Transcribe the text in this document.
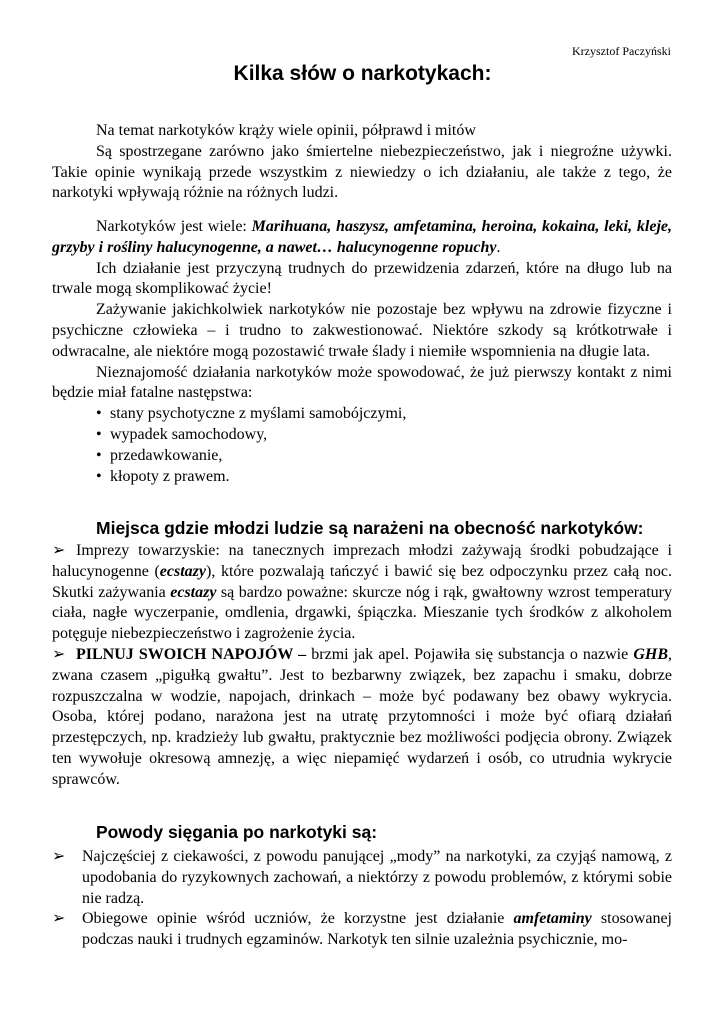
Krzysztof Paczyński
Kilka słów o narkotykach:

Na temat narkotyków krąży wiele opinii, półprawd i mitów

Są spostrzegane zarówno jako śmiertelne niebezpieczeństwo, jak i niegroźne używki. Takie opinie wynikają przede wszystkim z niewiedzy o ich działaniu, ale także z tego, że narkotyki wpływają różnie na różnych ludzi.

Narkotyków jest wiele: Marihuana, haszysz, amfetamina, heroina, kokaina, leki, kleje, grzyby i rośliny halucynogenne, a nawet… halucynogenne ropuchy.

Ich działanie jest przyczyną trudnych do przewidzenia zdarzeń, które na długo lub na trwale mogą skomplikować życie!

Zażywanie jakichkolwiek narkotyków nie pozostaje bez wpływu na zdrowie fizyczne i psychiczne człowieka – i trudno to zakwestionować. Niektóre szkody są krótkotrwałe i odwracalne, ale niektóre mogą pozostawić trwałe ślady i niemiłe wspomnienia na długie lata.

Nieznajomość działania narkotyków może spowodować, że już pierwszy kontakt z nimi będzie miał fatalne następstwa:

• stany psychotyczne z myślami samobójczymi,
• wypadek samochodowy,
• przedawkowanie,
• kłopoty z prawem.
Miejsca gdzie młodzi ludzie są narażeni na obecność narkotyków:

➢ Imprezy towarzyskie: na tanecznych imprezach młodzi zażywają środki pobudzające i halucynogenne (ecstazy), które pozwalają tańczyć i bawić się bez odpoczynku przez całą noc. Skutki zażywania ecstazy są bardzo poważne: skurcze nóg i rąk, gwałtowny wzrost temperatury ciała, nagłe wyczerpanie, omdlenia, drgawki, śpiączka. Mieszanie tych środków z alkoholem potęguje niebezpieczeństwo i zagrożenie życia.

➢ PILNUJ SWOICH NAPOJÓW – brzmi jak apel. Pojawiła się substancja o nazwie GHB, zwana czasem „pigułką gwałtu”. Jest to bezbarwny związek, bez zapachu i smaku, dobrze rozpuszczalna w wodzie, napojach, drinkach – może być podawany bez obawy wykrycia. Osoba, której podano, narażona jest na utratę przytomności i może być ofiarą działań przestępczych, np. kradzieży lub gwałtu, praktycznie bez możliwości podjęcia obrony. Związek ten wywołuje okresową amnezję, a więc niepamięć wydarzeń i osób, co utrudnia wykrycie sprawców.

Powody sięgania po narkotyki są:

➢ Najczęściej z ciekawości, z powodu panującej „mody” na narkotyki, za czyjąś namową, z upodobania do ryzykownych zachowań, a niektórzy z powodu problemów, z którymi sobie nie radzą.

➢ Obiegowe opinie wśród uczniów, że korzystne jest działanie amfetaminy stosowanej podczas nauki i trudnych egzaminów. Narkotyk ten silnie uzależnia psychicznie, mo-
